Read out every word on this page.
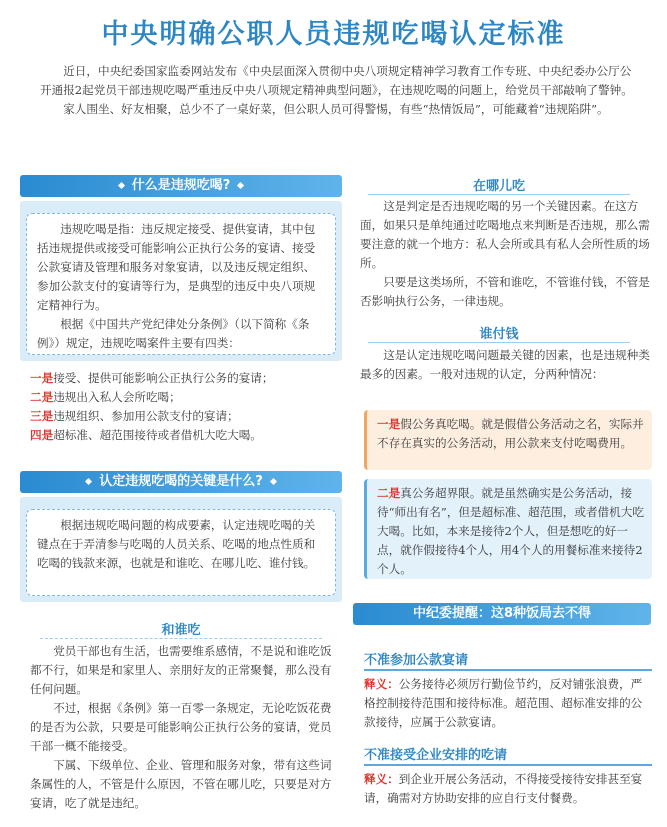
中央明确公职人员违规吃喝认定标准

近日，中央纪委国家监委网站发布《中央层面深入贯彻中央八项规定精神学习教育工作专班、中央纪委办公厅公开通报2起党员干部违规吃喝严重违反中央八项规定精神典型问题》，在违规吃喝的问题上，给党员干部敲响了警钟。

家人围坐、好友相聚，总少不了一桌好菜，但公职人员可得警惕，有些“热情饭局”，可能藏着“违规陷阱”。

什么是违规吃喝?

违规吃喝是指：违反规定接受、提供宴请，其中包括违规提供或接受可能影响公正执行公务的宴请、接受公款宴请及管理和服务对象宴请，以及违反规定组织、参加公款支付的宴请等行为，是典型的违反中央八项规定精神行为。

根据《中国共产党纪律处分条例》（以下简称《条例》）规定，违规吃喝案件主要有四类：

一是接受、提供可能影响公正执行公务的宴请；

二是违规出入私人会所吃喝；

三是违规组织、参加用公款支付的宴请；

四是超标准、超范围接待或者借机大吃大喝。

认定违规吃喝的关键是什么?

根据违规吃喝问题的构成要素，认定违规吃喝的关键点在于弄清参与吃喝的人员关系、吃喝的地点性质和吃喝的钱款来源，也就是和谁吃、在哪儿吃、谁付钱。

和谁吃

党员干部也有生活，也需要维系感情，不是说和谁吃饭都不行，如果是和家里人、亲朋好友的正常聚餐，那么没有任何问题。

不过，根据《条例》第一百零一条规定，无论吃饭花费的是否为公款，只要是可能影响公正执行公务的宴请，党员干部一概不能接受。

下属、下级单位、企业、管理和服务对象，带有这些词条属性的人，不管是什么原因，不管在哪儿吃，只要是对方宴请，吃了就是违纪。

在哪儿吃

这是判定是否违规吃喝的另一个关键因素。在这方面，如果只是单纯通过吃喝地点来判断是否违规，那么需要注意的就一个地方：私人会所或具有私人会所性质的场所。

只要是这类场所，不管和谁吃，不管谁付钱，不管是否影响执行公务，一律违规。

谁付钱

这是认定违规吃喝问题最关键的因素，也是违规种类最多的因素。一般对违规的认定，分两种情况：

一是假公务真吃喝。就是假借公务活动之名，实际并不存在真实的公务活动，用公款来支付吃喝费用。

二是真公务超界限。就是虽然确实是公务活动，接待“师出有名”，但是超标准、超范围，或者借机大吃大喝。比如，本来是接待2个人，但是想吃的好一点，就作假接待4个人，用4个人的用餐标准来接待2个人。

中纪委提醒：这8种饭局去不得
不准参加公款宴请

释义：公务接待必须厉行勤俭节约，反对铺张浪费，严格控制接待范围和接待标准。超范围、超标准安排的公款接待，应属于公款宴请。

不准接受企业安排的吃请

释义：到企业开展公务活动，不得接受接待安排甚至宴请，确需对方协助安排的应自行支付餐费。
